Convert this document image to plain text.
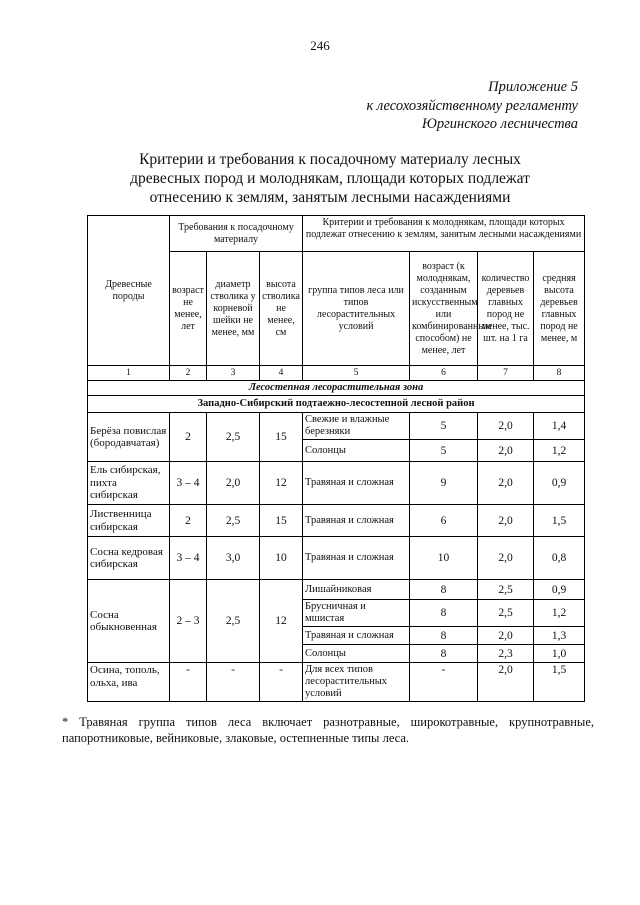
246
Приложение 5
к лесохозяйственному регламенту
Юргинского лесничества
Критерии и требования к посадочному материалу лесных
древесных пород и молоднякам, площади которых подлежат
отнесению к землям, занятым лесными насаждениями
Древесные породы	Требования к посадочному материалу			Критерии и требования к молоднякам, площади которых подлежат отнесению к землям, занятым лесными насаждениями			
	возраст не менее, лет	диаметр стволика у корневой шейки не менее, мм	высота стволика не менее, см	группа типов леса или типов лесорастительных условий	возраст (к молоднякам, созданным искусственным или комбинированным способом) не менее, лет	количество деревьев главных пород не менее, тыс. шт. на 1 га	средняя высота деревьев главных пород не менее, м
1	2	3	4	5	6	7	8
Лесостепная лесорастительная зона							
Западно-Сибирский подтаежно-лесостепной лесной район							
Берёза повислая (бородавчатая)	2	2,5	15	Свежие и влажные березняки	5	2,0	1,4
				Солонцы	5	2,0	1,2
Ель сибирская, пихта сибирская	3 – 4	2,0	12	Травяная и сложная	9	2,0	0,9
Лиственница сибирская	2	2,5	15	Травяная и сложная	6	2,0	1,5
Сосна кедровая сибирская	3 – 4	3,0	10	Травяная и сложная	10	2,0	0,8
Сосна обыкновенная	2 – 3	2,5	12	Лишайниковая	8	2,5	0,9
				Брусничная и мшистая	8	2,5	1,2
				Травяная и сложная	8	2,0	1,3
				Солонцы	8	2,3	1,0
Осина, тополь, ольха, ива	-	-	-	Для всех типов лесорастительных условий	-	2,0	1,5
* Травяная группа типов леса включает разнотравные, широкотравные, крупнотравные, папоротниковые, вейниковые, злаковые, остепненные типы леса.
